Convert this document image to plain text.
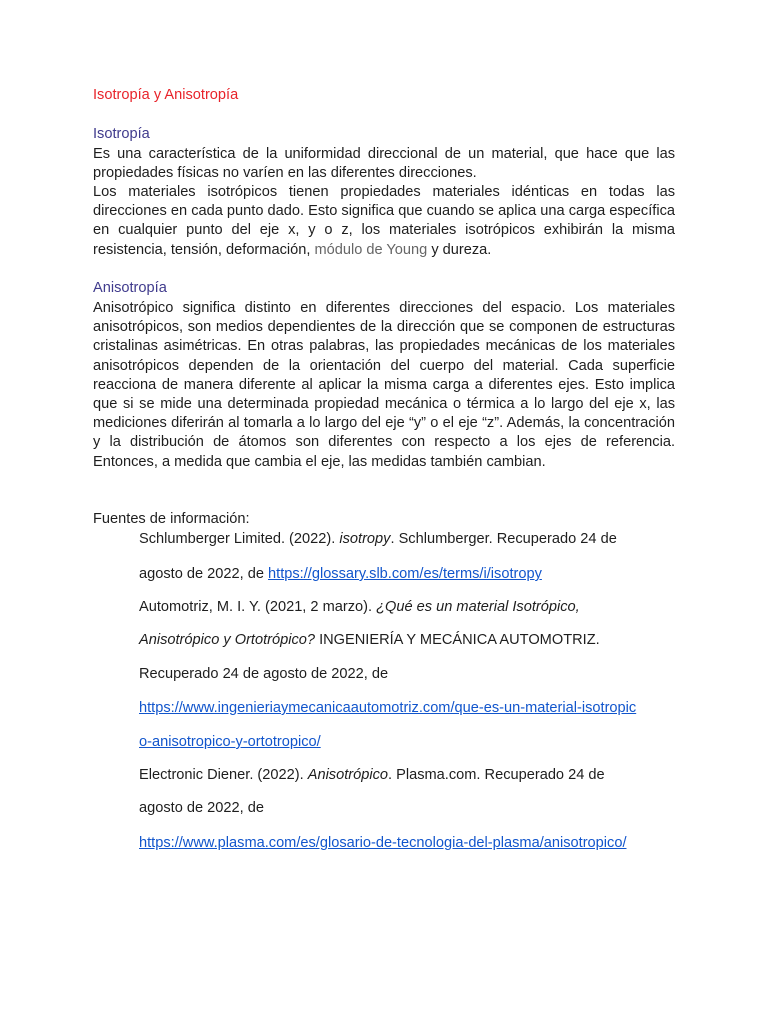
Isotropía y Anisotropía

Isotropía

Es una característica de la uniformidad direccional de un material, que hace que las propiedades físicas no varíen en las diferentes direcciones.

Los materiales isotrópicos tienen propiedades materiales idénticas en todas las direcciones en cada punto dado. Esto significa que cuando se aplica una carga específica en cualquier punto del eje x, y o z, los materiales isotrópicos exhibirán la misma resistencia, tensión, deformación, módulo de Young y dureza.

Anisotropía

Anisotrópico significa distinto en diferentes direcciones del espacio. Los materiales anisotrópicos, son medios dependientes de la dirección que se componen de estructuras cristalinas asimétricas. En otras palabras, las propiedades mecánicas de los materiales anisotrópicos dependen de la orientación del cuerpo del material. Cada superficie reacciona de manera diferente al aplicar la misma carga a diferentes ejes. Esto implica que si se mide una determinada propiedad mecánica o térmica a lo largo del eje x, las mediciones diferirán al tomarla a lo largo del eje “y” o el eje “z”. Además, la concentración y la distribución de átomos son diferentes con respecto a los ejes de referencia. Entonces, a medida que cambia el eje, las medidas también cambian.

Fuentes de información:

Schlumberger Limited. (2022). isotropy. Schlumberger. Recuperado 24 de

agosto de 2022, de https://glossary.slb.com/es/terms/i/isotropy

Automotriz, M. I. Y. (2021, 2 marzo). ¿Qué es un material Isotrópico,

Anisotrópico y Ortotrópico? INGENIERÍA Y MECÁNICA AUTOMOTRIZ.

Recuperado 24 de agosto de 2022, de

https://www.ingenieriaymecanicaautomotriz.com/que-es-un-material-isotropic

o-anisotropico-y-ortotropico/

Electronic Diener. (2022). Anisotrópico. Plasma.com. Recuperado 24 de

agosto de 2022, de

https://www.plasma.com/es/glosario-de-tecnologia-del-plasma/anisotropico/
